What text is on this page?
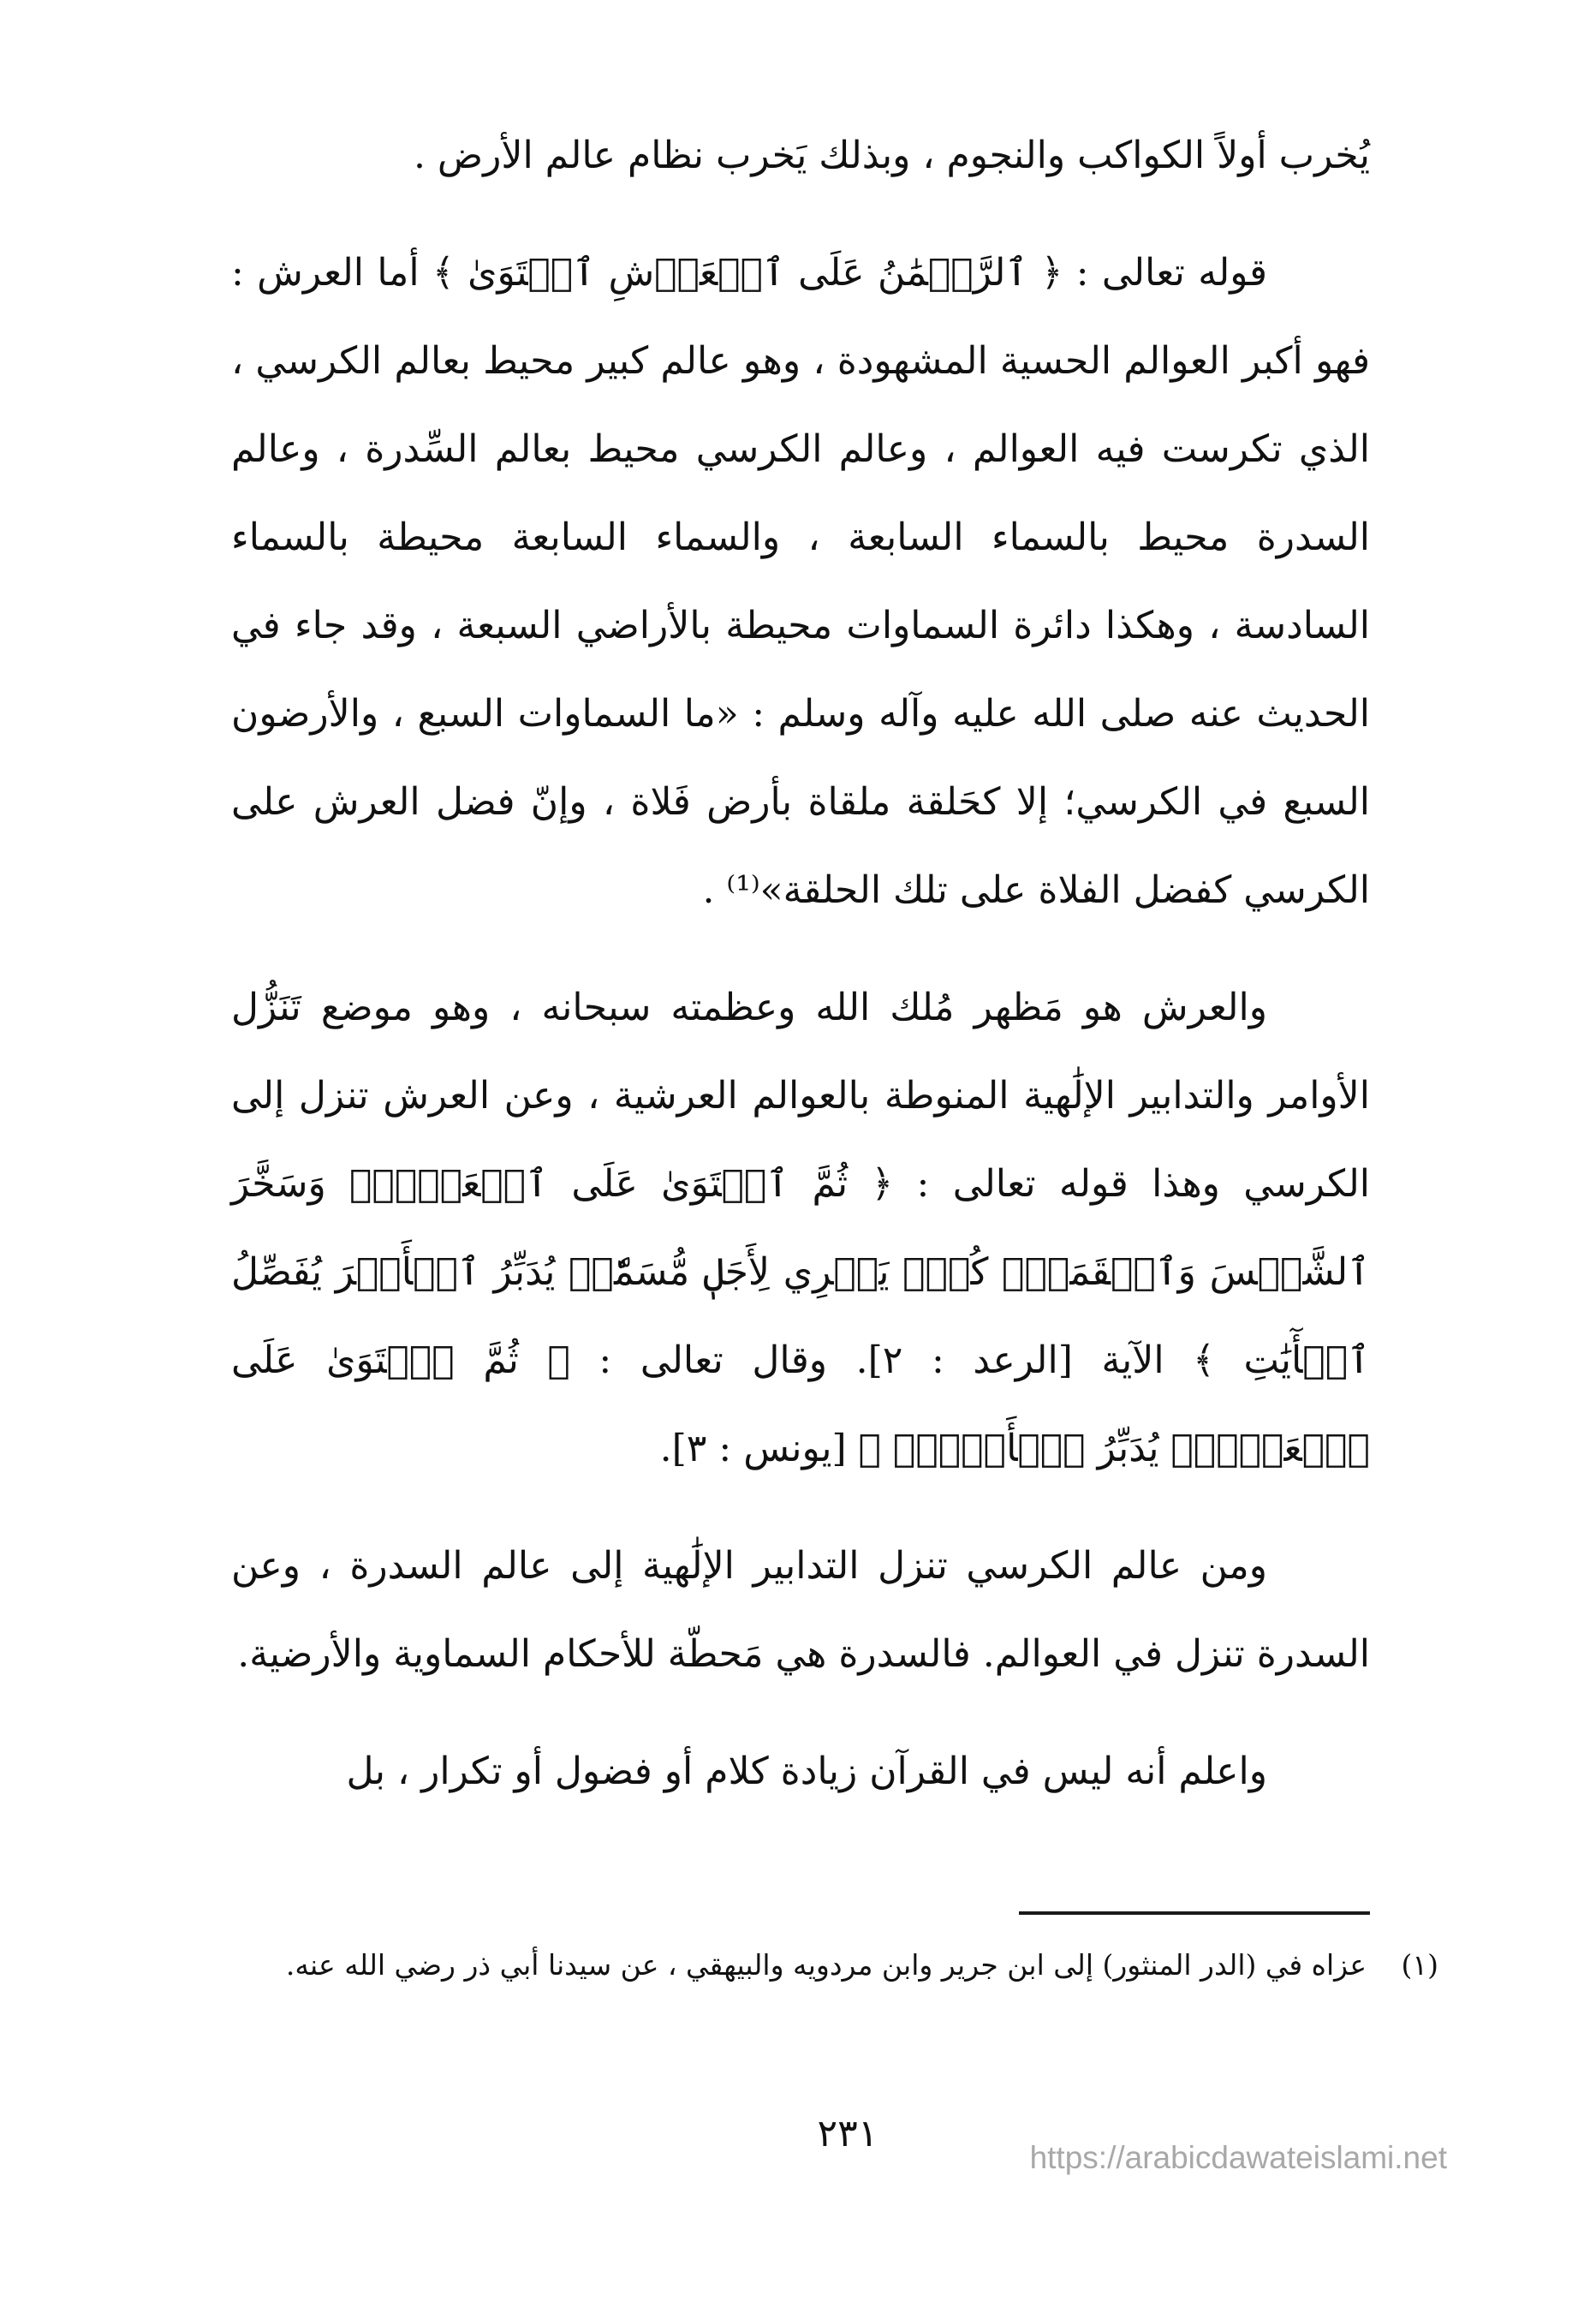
يُخرب أولاً الكواكب والنجوم ، وبذلك يَخرب نظام عالم الأرض .

قوله تعالى : ﴿ ٱلرَّحۡمَٰنُ عَلَى ٱلۡعَرۡشِ ٱسۡتَوَىٰ ﴾ أما العرش : فهو أكبر العوالم الحسية المشهودة ، وهو عالم كبير محيط بعالم الكرسي ، الذي تكرست فيه العوالم ، وعالم الكرسي محيط بعالم السِّدرة ، وعالم السدرة محيط بالسماء السابعة ، والسماء السابعة محيطة بالسماء السادسة ، وهكذا دائرة السماوات محيطة بالأراضي السبعة ، وقد جاء في الحديث عنه صلى الله عليه وآله وسلم : «ما السماوات السبع ، والأرضون السبع في الكرسي؛ إلا كحَلقة ملقاة بأرض فَلاة ، وإنّ فضل العرش على الكرسي كفضل الفلاة على تلك الحلقة»⁽¹⁾ .

والعرش هو مَظهر مُلك الله وعظمته سبحانه ، وهو موضع تَنَزُّل الأوامر والتدابير الإلَٰهية المنوطة بالعوالم العرشية ، وعن العرش تنزل إلى الكرسي وهذا قوله تعالى : ﴿ ثُمَّ ٱسۡتَوَىٰ عَلَى ٱلۡعَرۡشِۖ وَسَخَّرَ ٱلشَّمۡسَ وَٱلۡقَمَرَۖ كُلّٞ يَجۡرِي لِأَجَلٖ مُّسَمّٗىۚ يُدَبِّرُ ٱلۡأَمۡرَ يُفَصِّلُ ٱلۡأٓيَٰتِ ﴾ الآية [الرعد : ٢]. وقال تعالى : ﴿ ثُمَّ ٱسۡتَوَىٰ عَلَى ٱلۡعَرۡشِۖ يُدَبِّرُ ٱلۡأَمۡرَۖ ﴾ [يونس : ٣].

ومن عالم الكرسي تنزل التدابير الإلَٰهية إلى عالم السدرة ، وعن السدرة تنزل في العوالم. فالسدرة هي مَحطّة للأحكام السماوية والأرضية.

واعلم أنه ليس في القرآن زيادة كلام أو فضول أو تكرار ، بل

(١) عزاه في (الدر المنثور) إلى ابن جرير وابن مردويه والبيهقي ، عن سيدنا أبي ذر رضي الله عنه.

٢٣١
https://arabicdawateislami.net
